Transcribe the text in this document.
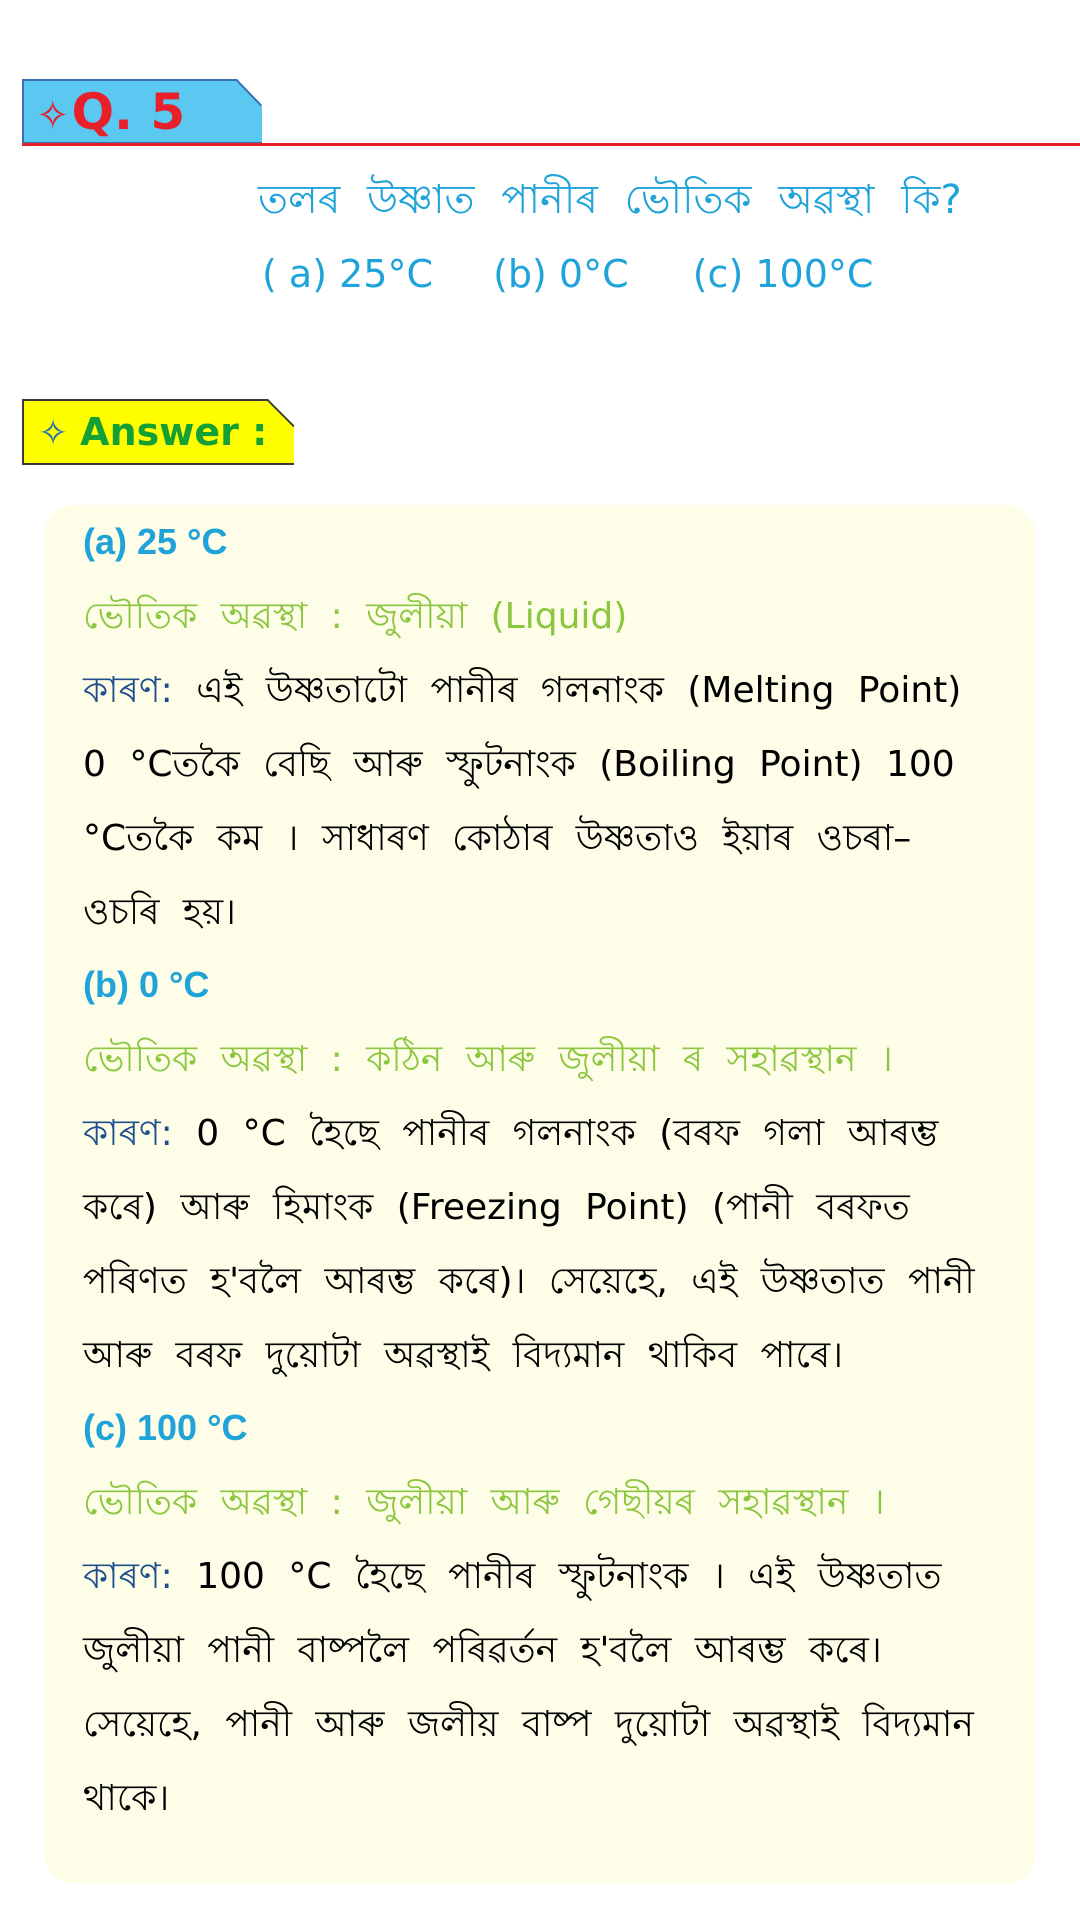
✧Q. 5
তলৰ উষ্ণাত পানীৰ ভৌতিক অৱস্থা কি?
( a) 25°C (b) 0°C (c) 100°C
✧ Answer :
(a) 25 °C
ভৌতিক অৱস্থা : জুলীয়া (Liquid)
কাৰণ: এই উষ্ণতাটো পানীৰ গলনাংক (Melting Point)
0 °Cতকৈ বেছি আৰু স্ফুটনাংক (Boiling Point) 100
°Cতকৈ কম । সাধাৰণ কোঠাৰ উষ্ণতাও ইয়াৰ ওচৰা–
ওচৰি হয়।
(b) 0 °C
ভৌতিক অৱস্থা : কঠিন আৰু জুলীয়া ৰ সহাৱস্থান ।
কাৰণ: 0 °C হৈছে পানীৰ গলনাংক (বৰফ গলা আৰম্ভ
কৰে) আৰু হিমাংক (Freezing Point) (পানী বৰফত
পৰিণত হ'বলৈ আৰম্ভ কৰে)। সেয়েহে, এই উষ্ণতাত পানী
আৰু বৰফ দুয়োটা অৱস্থাই বিদ্যমান থাকিব পাৰে।
(c) 100 °C
ভৌতিক অৱস্থা : জুলীয়া আৰু গেছীয়ৰ সহাৱস্থান ।
কাৰণ: 100 °C হৈছে পানীৰ স্ফুটনাংক । এই উষ্ণতাত
জুলীয়া পানী বাষ্পলৈ পৰিৱৰ্তন হ'বলৈ আৰম্ভ কৰে।
সেয়েহে, পানী আৰু জলীয় বাষ্প দুয়োটা অৱস্থাই বিদ্যমান
থাকে।
